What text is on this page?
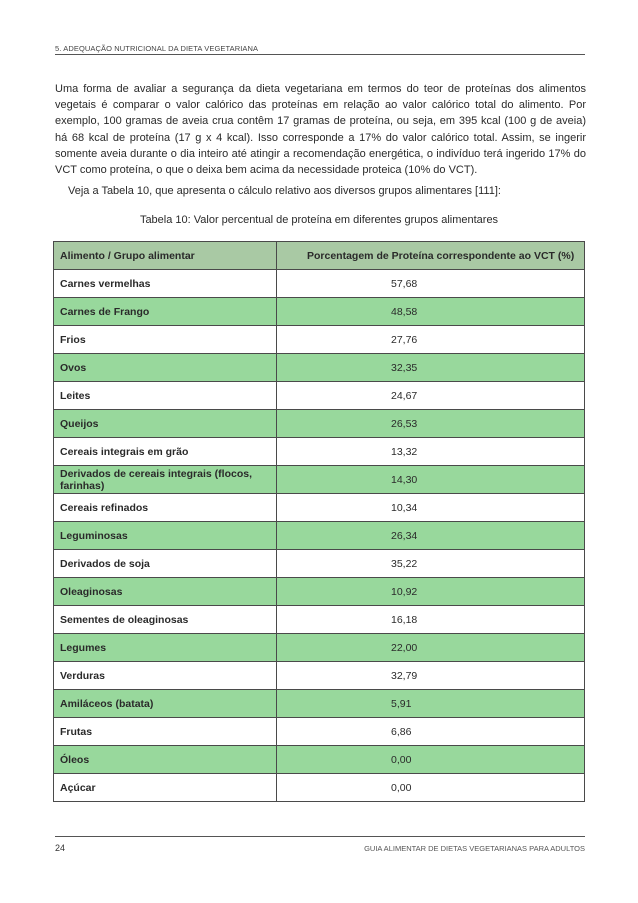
5. ADEQUAÇÃO NUTRICIONAL DA DIETA VEGETARIANA

Uma forma de avaliar a segurança da dieta vegetariana em termos do teor de proteínas dos alimentos vegetais é comparar o valor calórico das proteínas em relação ao valor calórico total do alimento. Por exemplo, 100 gramas de aveia crua contêm 17 gramas de proteína, ou seja, em 395 kcal (100 g de aveia) há 68 kcal de proteína (17 g x 4 kcal). Isso corresponde a 17% do valor calórico total. Assim, se ingerir somente aveia durante o dia inteiro até atingir a recomendação energética, o indivíduo terá ingerido 17% do VCT como proteína, o que o deixa bem acima da necessidade proteica (10% do VCT).

Veja a Tabela 10, que apresenta o cálculo relativo aos diversos grupos alimentares [111]:
Tabela 10: Valor percentual de proteína em diferentes grupos alimentares
Alimento / Grupo alimentar	Porcentagem de Proteína correspondente ao VCT (%)
Carnes vermelhas	57,68
Carnes de Frango	48,58
Frios	27,76
Ovos	32,35
Leites	24,67
Queijos	26,53
Cereais integrais em grão	13,32
Derivados de cereais integrais (flocos, farinhas)	14,30
Cereais refinados	10,34
Leguminosas	26,34
Derivados de soja	35,22
Oleaginosas	10,92
Sementes de oleaginosas	16,18
Legumes	22,00
Verduras	32,79
Amiláceos (batata)	5,91
Frutas	6,86
Óleos	0,00
Açúcar	0,00
24	GUIA ALIMENTAR DE DIETAS VEGETARIANAS PARA ADULTOS
